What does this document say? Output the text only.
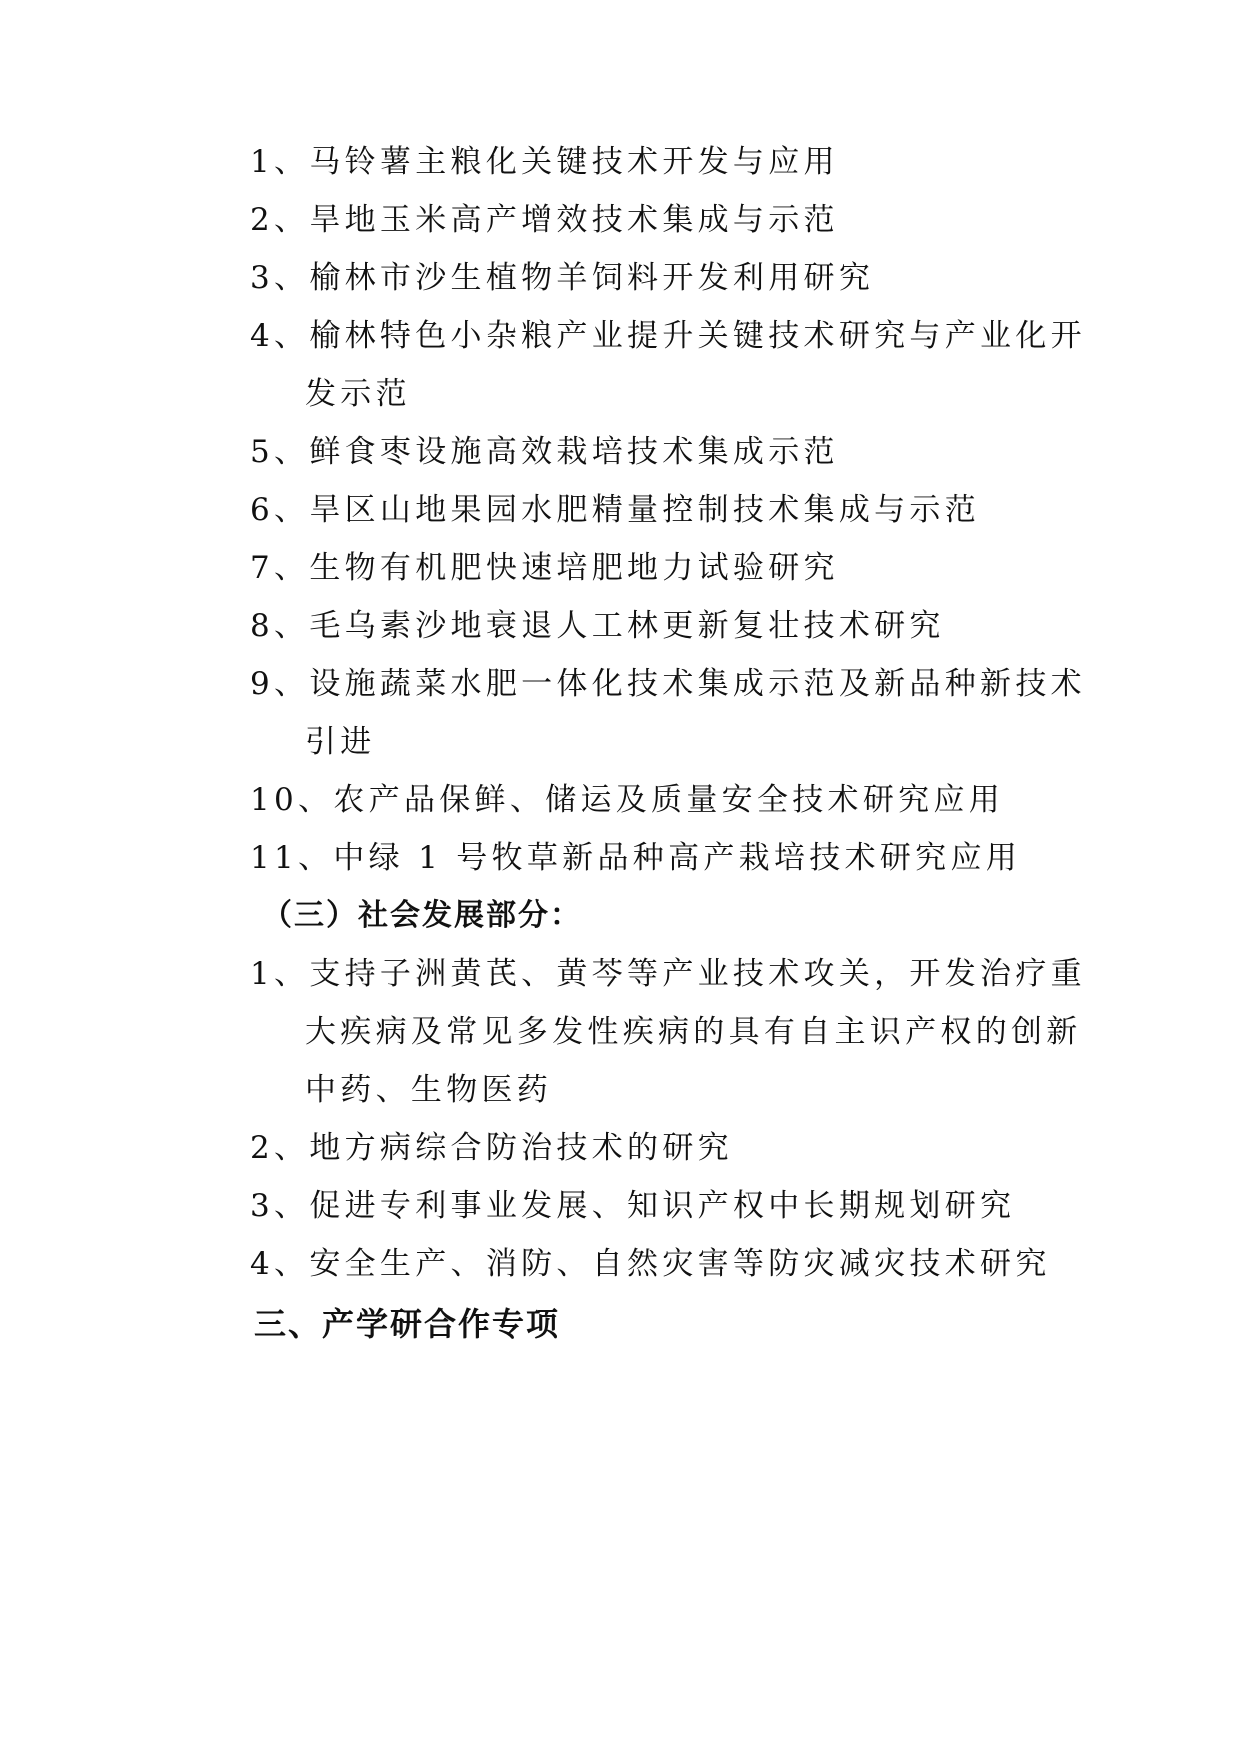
1、马铃薯主粮化关键技术开发与应用
2、旱地玉米高产增效技术集成与示范
3、榆林市沙生植物羊饲料开发利用研究
4、榆林特色小杂粮产业提升关键技术研究与产业化开
发示范
5、鲜食枣设施高效栽培技术集成示范
6、旱区山地果园水肥精量控制技术集成与示范
7、生物有机肥快速培肥地力试验研究
8、毛乌素沙地衰退人工林更新复壮技术研究
9、设施蔬菜水肥一体化技术集成示范及新品种新技术
引进
10、农产品保鲜、储运及质量安全技术研究应用
11、中绿 1 号牧草新品种高产栽培技术研究应用
（三）社会发展部分：
1、支持子洲黄芪、黄芩等产业技术攻关，开发治疗重
大疾病及常见多发性疾病的具有自主识产权的创新
中药、生物医药
2、地方病综合防治技术的研究
3、促进专利事业发展、知识产权中长期规划研究
4、安全生产、消防、自然灾害等防灾减灾技术研究
三、产学研合作专项
